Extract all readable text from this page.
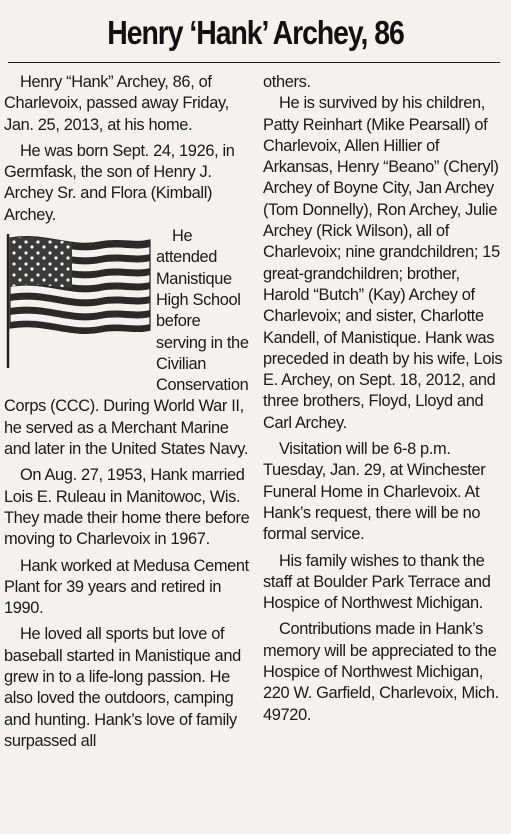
Henry ‘Hank’ Archey, 86

Henry “Hank” Archey, 86, of Charlevoix, passed away Friday, Jan. 25, 2013, at his home.

He was born Sept. 24, 1926, in Germfask, the son of Henry J. Archey Sr. and Flora (Kimball) Archey.

He attended Manistique High School before serving in the Civilian Conservation Corps (CCC). During World War II, he served as a Merchant Marine and later in the United States Navy.

On Aug. 27, 1953, Hank married Lois E. Ruleau in Manitowoc, Wis. They made their home there before moving to Charlevoix in 1967.

Hank worked at Medusa Cement Plant for 39 years and retired in 1990.

He loved all sports but love of baseball started in Manistique and grew in to a life-long passion. He also loved the outdoors, camping and hunting. Hank’s love of family surpassed all

others.

He is survived by his children, Patty Reinhart (Mike Pearsall) of Charlevoix, Allen Hillier of Arkansas, Henry “Beano” (Cheryl) Archey of Boyne City, Jan Archey (Tom Donnelly), Ron Archey, Julie Archey (Rick Wilson), all of Charlevoix; nine grandchildren; 15 great-grandchildren; brother, Harold “Butch” (Kay) Archey of Charlevoix; and sister, Charlotte Kandell, of Manistique. Hank was preceded in death by his wife, Lois E. Archey, on Sept. 18, 2012, and three brothers, Floyd, Lloyd and Carl Archey.

Visitation will be 6-8 p.m. Tuesday, Jan. 29, at Winchester Funeral Home in Charlevoix. At Hank’s request, there will be no formal service.

His family wishes to thank the staff at Boulder Park Terrace and Hospice of Northwest Michigan.

Contributions made in Hank’s memory will be appreciated to the Hospice of Northwest Michigan, 220 W. Garfield, Charlevoix, Mich. 49720.
